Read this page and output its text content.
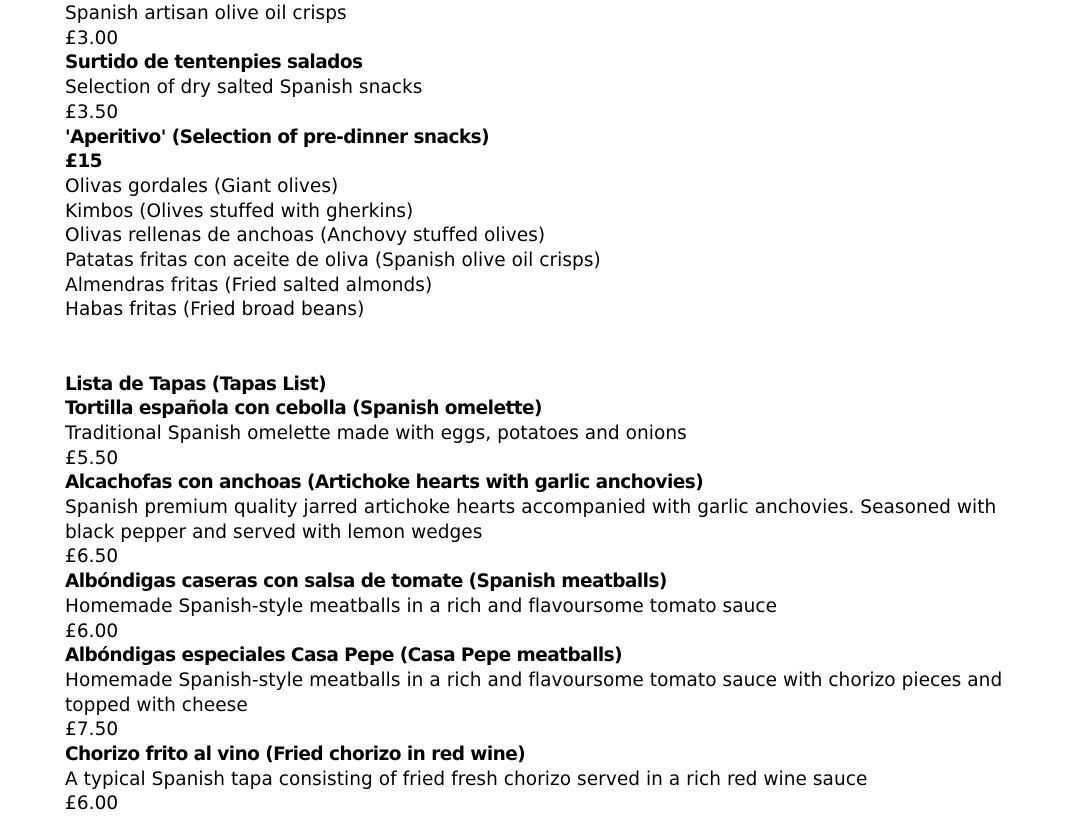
Spanish artisan olive oil crisps
£3.00
Surtido de tentenpies salados
Selection of dry salted Spanish snacks
£3.50
'Aperitivo' (Selection of pre-dinner snacks)
£15
Olivas gordales (Giant olives)
Kimbos (Olives stuffed with gherkins)
Olivas rellenas de anchoas (Anchovy stuffed olives)
Patatas fritas con aceite de oliva (Spanish olive oil crisps)
Almendras fritas (Fried salted almonds)
Habas fritas (Fried broad beans)
Lista de Tapas (Tapas List)
Tortilla española con cebolla (Spanish omelette)
Traditional Spanish omelette made with eggs, potatoes and onions
£5.50
Alcachofas con anchoas (Artichoke hearts with garlic anchovies)
Spanish premium quality jarred artichoke hearts accompanied with garlic anchovies. Seasoned with black pepper and served with lemon wedges
£6.50
Albóndigas caseras con salsa de tomate (Spanish meatballs)
Homemade Spanish-style meatballs in a rich and flavoursome tomato sauce
£6.00
Albóndigas especiales Casa Pepe (Casa Pepe meatballs)
Homemade Spanish-style meatballs in a rich and flavoursome tomato sauce with chorizo pieces and topped with cheese
£7.50
Chorizo frito al vino (Fried chorizo in red wine)
A typical Spanish tapa consisting of fried fresh chorizo served in a rich red wine sauce
£6.00
